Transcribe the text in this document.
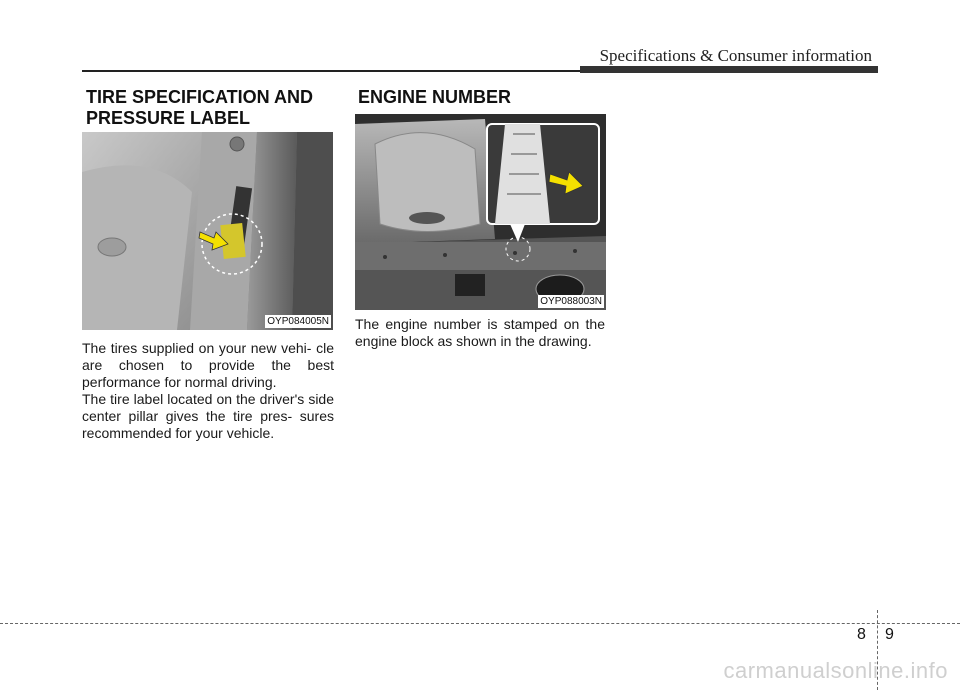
Specifications & Consumer information
TIRE SPECIFICATION AND PRESSURE LABEL
OYP084005N

The tires supplied on your new vehi- cle are chosen to provide the best performance for normal driving.

The tire label located on the driver's side center pillar gives the tire pres- sures recommended for your vehicle.

ENGINE NUMBER
OYP088003N

The engine number is stamped on the engine block as shown in the drawing.

8 9
carmanualsonline.info
